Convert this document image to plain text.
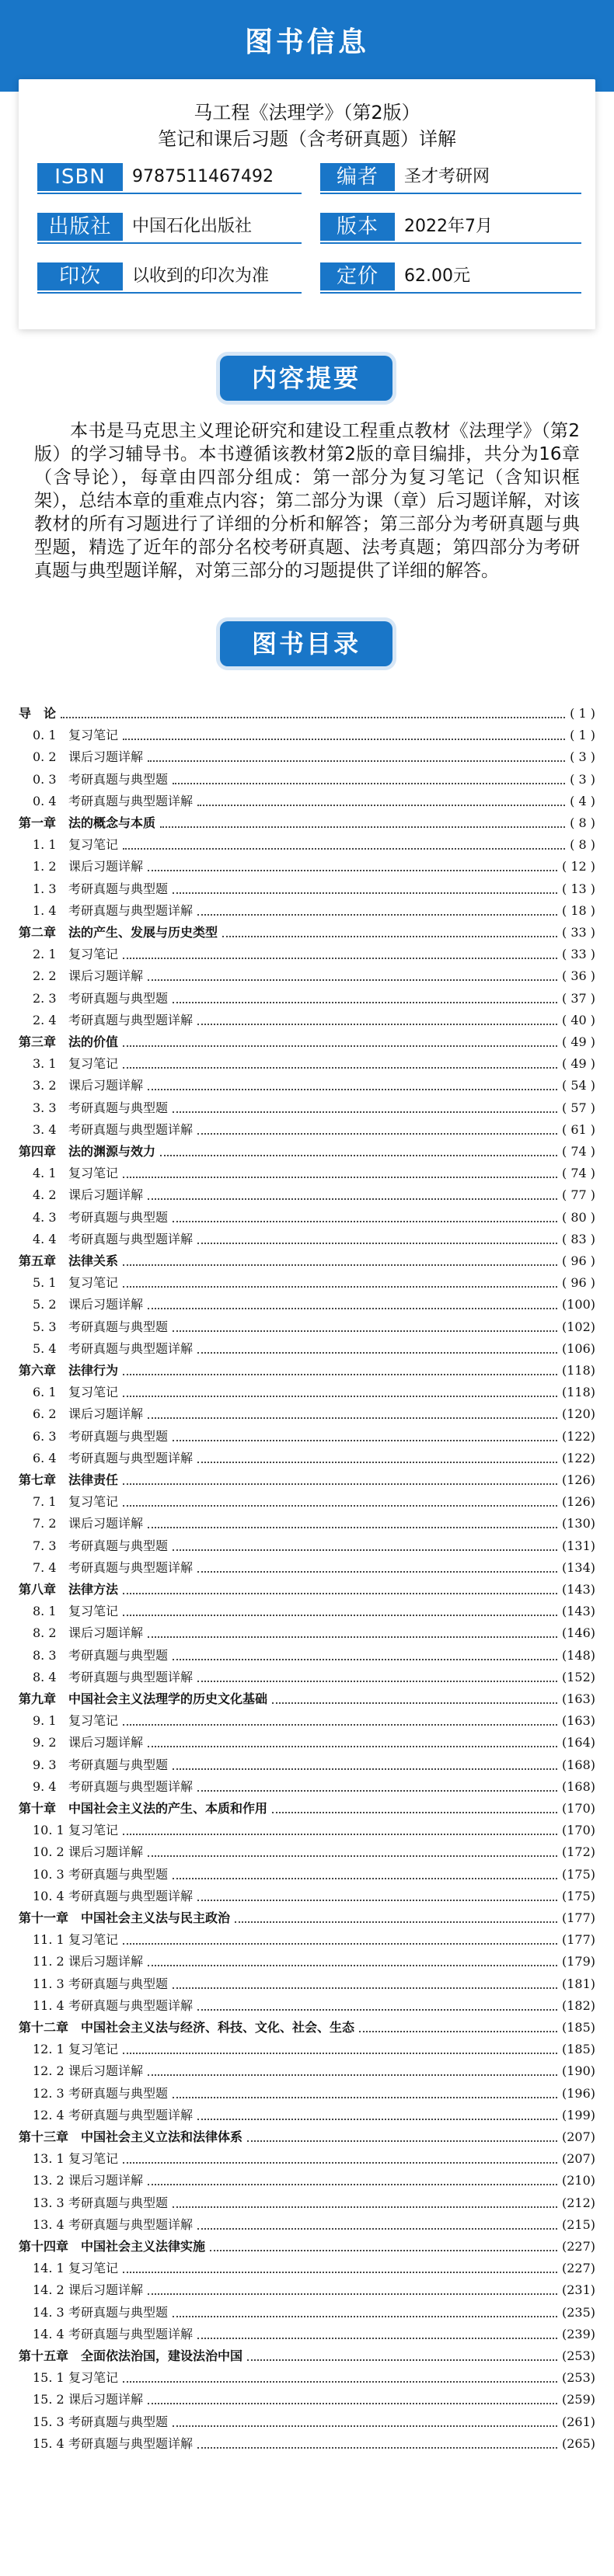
图书信息
马工程《法理学》（第2版）
笔记和课后习题（含考研真题）详解
ISBN	9787511467492	编者	圣才考研网
出版社	中国石化出版社	版本	2022年7月
印次	以收到的印次为准	定价	62.00元
内容提要
本书是马克思主义理论研究和建设工程重点教材《法理学》（第2版）的学习辅导书。本书遵循该教材第2版的章目编排，共分为16章（含导论），每章由四部分组成：第一部分为复习笔记（含知识框架），总结本章的重难点内容；第二部分为课（章）后习题详解，对该教材的所有习题进行了详细的分析和解答；第三部分为考研真题与典型题，精选了近年的部分名校考研真题、法考真题；第四部分为考研真题与典型题详解，对第三部分的习题提供了详细的解答。
图书目录
导　论	( 1 )
0. 1 复习笔记	( 1 )
0. 2 课后习题详解	( 3 )
0. 3 考研真题与典型题	( 3 )
0. 4 考研真题与典型题详解	( 4 )
第一章　法的概念与本质	( 8 )
1. 1 复习笔记	( 8 )
1. 2 课后习题详解	( 12 )
1. 3 考研真题与典型题	( 13 )
1. 4 考研真题与典型题详解	( 18 )
第二章　法的产生、发展与历史类型	( 33 )
2. 1 复习笔记	( 33 )
2. 2 课后习题详解	( 36 )
2. 3 考研真题与典型题	( 37 )
2. 4 考研真题与典型题详解	( 40 )
第三章　法的价值	( 49 )
3. 1 复习笔记	( 49 )
3. 2 课后习题详解	( 54 )
3. 3 考研真题与典型题	( 57 )
3. 4 考研真题与典型题详解	( 61 )
第四章　法的渊源与效力	( 74 )
4. 1 复习笔记	( 74 )
4. 2 课后习题详解	( 77 )
4. 3 考研真题与典型题	( 80 )
4. 4 考研真题与典型题详解	( 83 )
第五章　法律关系	( 96 )
5. 1 复习笔记	( 96 )
5. 2 课后习题详解	(100)
5. 3 考研真题与典型题	(102)
5. 4 考研真题与典型题详解	(106)
第六章　法律行为	(118)
6. 1 复习笔记	(118)
6. 2 课后习题详解	(120)
6. 3 考研真题与典型题	(122)
6. 4 考研真题与典型题详解	(122)
第七章　法律责任	(126)
7. 1 复习笔记	(126)
7. 2 课后习题详解	(130)
7. 3 考研真题与典型题	(131)
7. 4 考研真题与典型题详解	(134)
第八章　法律方法	(143)
8. 1 复习笔记	(143)
8. 2 课后习题详解	(146)
8. 3 考研真题与典型题	(148)
8. 4 考研真题与典型题详解	(152)
第九章　中国社会主义法理学的历史文化基础	(163)
9. 1 复习笔记	(163)
9. 2 课后习题详解	(164)
9. 3 考研真题与典型题	(168)
9. 4 考研真题与典型题详解	(168)
第十章　中国社会主义法的产生、本质和作用	(170)
10. 1 复习笔记	(170)
10. 2 课后习题详解	(172)
10. 3 考研真题与典型题	(175)
10. 4 考研真题与典型题详解	(175)
第十一章　中国社会主义法与民主政治	(177)
11. 1 复习笔记	(177)
11. 2 课后习题详解	(179)
11. 3 考研真题与典型题	(181)
11. 4 考研真题与典型题详解	(182)
第十二章　中国社会主义法与经济、科技、文化、社会、生态	(185)
12. 1 复习笔记	(185)
12. 2 课后习题详解	(190)
12. 3 考研真题与典型题	(196)
12. 4 考研真题与典型题详解	(199)
第十三章　中国社会主义立法和法律体系	(207)
13. 1 复习笔记	(207)
13. 2 课后习题详解	(210)
13. 3 考研真题与典型题	(212)
13. 4 考研真题与典型题详解	(215)
第十四章　中国社会主义法律实施	(227)
14. 1 复习笔记	(227)
14. 2 课后习题详解	(231)
14. 3 考研真题与典型题	(235)
14. 4 考研真题与典型题详解	(239)
第十五章　全面依法治国，建设法治中国	(253)
15. 1 复习笔记	(253)
15. 2 课后习题详解	(259)
15. 3 考研真题与典型题	(261)
15. 4 考研真题与典型题详解	(265)
